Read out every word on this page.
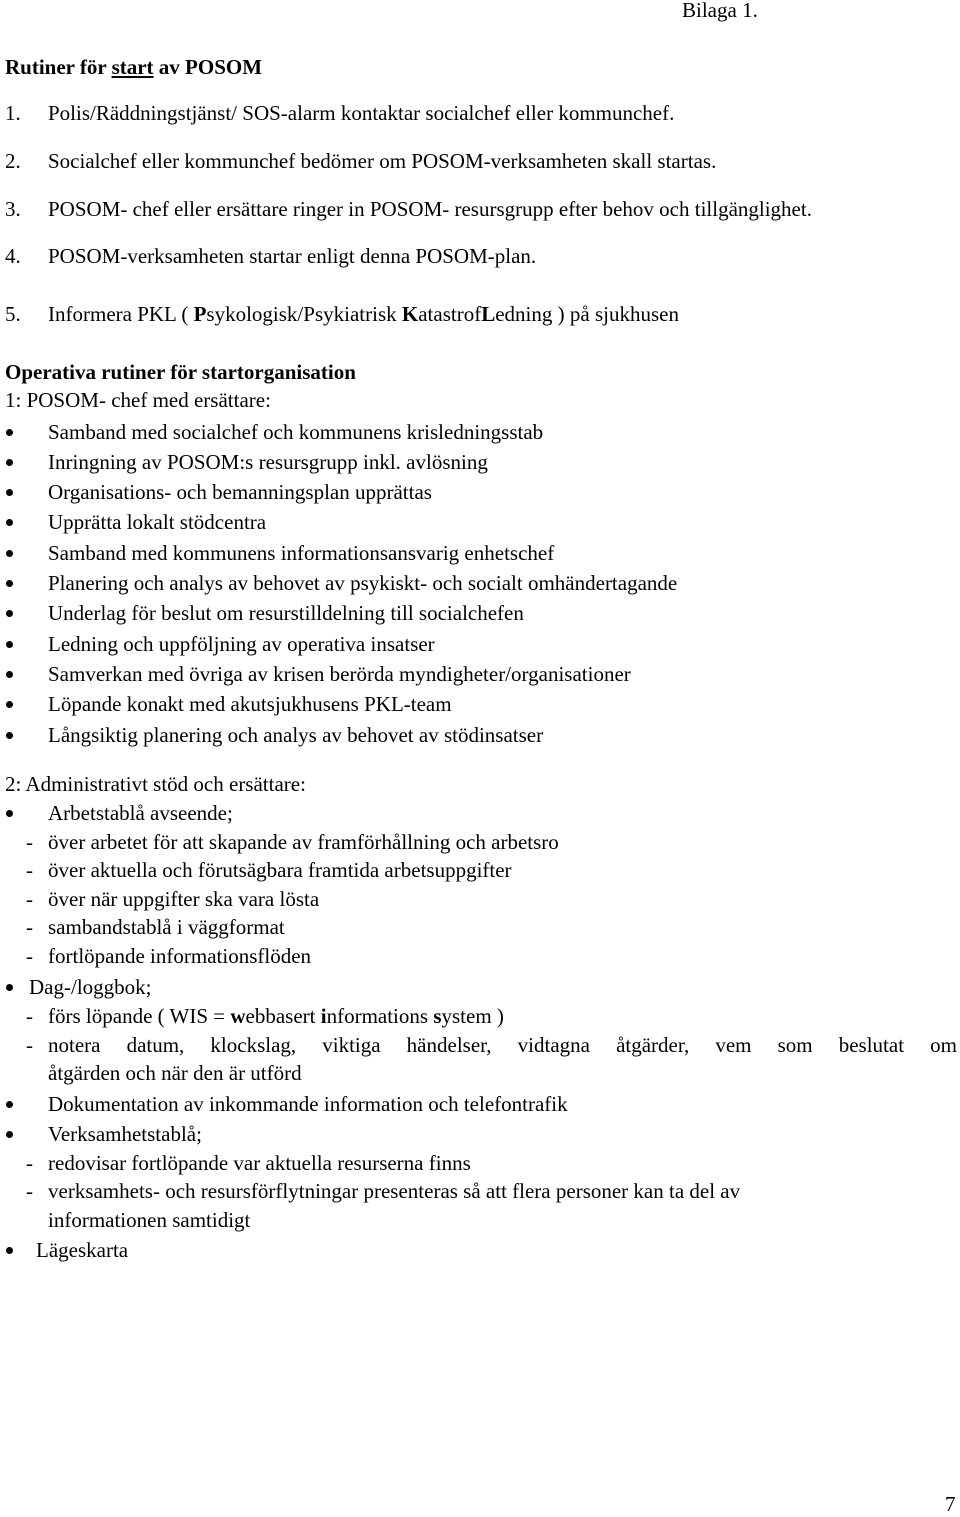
Bilaga 1.
Rutiner för start av POSOM
1. Polis/Räddningstjänst/ SOS-alarm kontaktar socialchef eller kommunchef.
2. Socialchef eller kommunchef bedömer om POSOM-verksamheten skall startas.
3. POSOM- chef eller ersättare ringer in POSOM- resursgrupp efter behov och tillgänglighet.
4. POSOM-verksamheten startar enligt denna POSOM-plan.
5. Informera PKL ( Psykologisk/Psykiatrisk KatastrofLedning ) på sjukhusen
Operativa rutiner för startorganisation
1: POSOM- chef med ersättare:
Samband med socialchef och kommunens krisledningsstab
Inringning av POSOM:s resursgrupp inkl. avlösning
Organisations- och bemanningsplan upprättas
Upprätta lokalt stödcentra
Samband med kommunens informationsansvarig enhetschef
Planering och analys av behovet av psykiskt- och socialt omhändertagande
Underlag för beslut om resurstilldelning till socialchefen
Ledning och uppföljning av operativa insatser
Samverkan med övriga av krisen berörda myndigheter/organisationer
Löpande konakt med akutsjukhusens PKL-team
Långsiktig planering och analys av behovet av stödinsatser
2: Administrativt stöd och ersättare:
Arbetstablå avseende;
- över arbetet för att skapande av framförhållning och arbetsro
- över aktuella och förutsägbara framtida arbetsuppgifter
- över när uppgifter ska vara lösta
- sambandstablå i väggformat
- fortlöpande informationsflöden
Dag-/loggbok;
- förs löpande ( WIS = webbasert informations system )
- notera datum, klockslag, viktiga händelser, vidtagna åtgärder, vem som beslutat om
åtgärden och när den är utförd
Dokumentation av inkommande information och telefontrafik
Verksamhetstablå;
- redovisar fortlöpande var aktuella resurserna finns
- verksamhets- och resursförflytningar presenteras så att flera personer kan ta del av
informationen samtidigt
Lägeskarta
7
